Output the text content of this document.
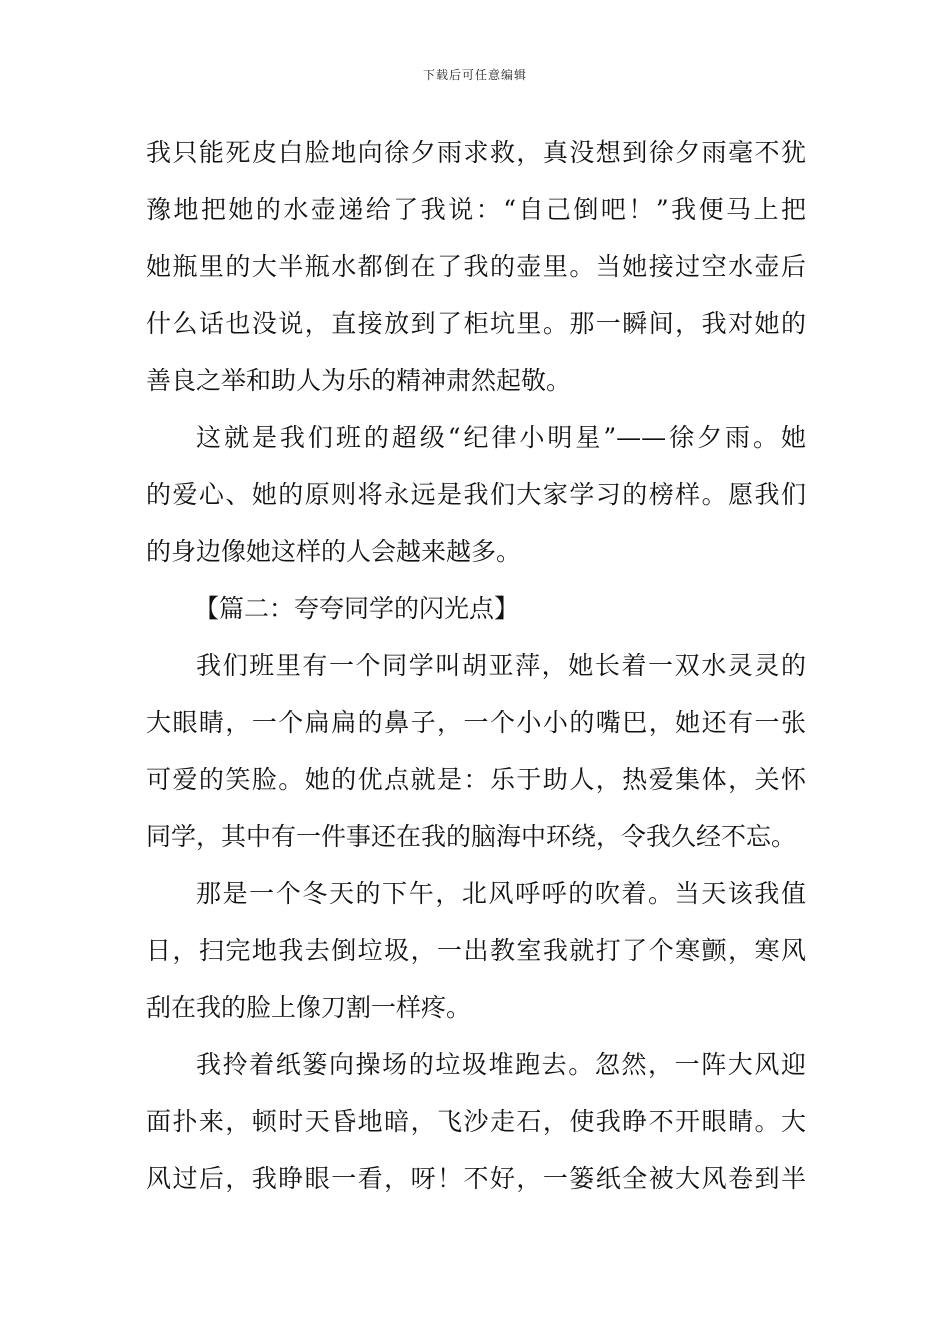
下载后可任意编辑
我只能死皮白脸地向徐夕雨求救，真没想到徐夕雨毫不犹
豫地把她的水壶递给了我说：“自己倒吧！”我便马上把
她瓶里的大半瓶水都倒在了我的壶里。当她接过空水壶后
什么话也没说，直接放到了柜坑里。那一瞬间，我对她的
善良之举和助人为乐的精神肃然起敬。
这就是我们班的超级“纪律小明星”——徐夕雨。她
的爱心、她的原则将永远是我们大家学习的榜样。愿我们
的身边像她这样的人会越来越多。
【篇二：夸夸同学的闪光点】
我们班里有一个同学叫胡亚萍，她长着一双水灵灵的
大眼睛，一个扁扁的鼻子，一个小小的嘴巴，她还有一张
可爱的笑脸。她的优点就是：乐于助人，热爱集体，关怀
同学，其中有一件事还在我的脑海中环绕，令我久经不忘。
那是一个冬天的下午，北风呼呼的吹着。当天该我值
日，扫完地我去倒垃圾，一出教室我就打了个寒颤，寒风
刮在我的脸上像刀割一样疼。
我拎着纸篓向操场的垃圾堆跑去。忽然，一阵大风迎
面扑来，顿时天昏地暗，飞沙走石，使我睁不开眼睛。大
风过后，我睁眼一看，呀！不好，一篓纸全被大风卷到半
